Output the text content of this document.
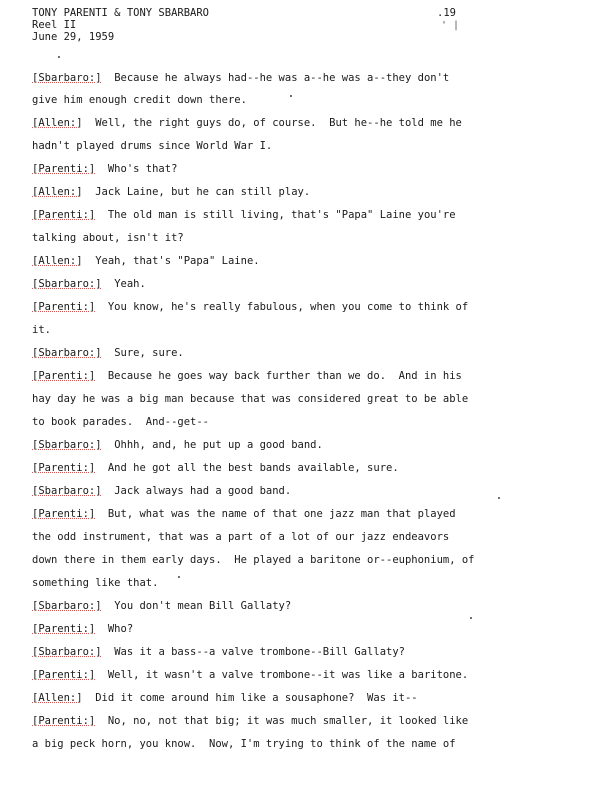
TONY PARENTI & TONY SBARBARO
Reel II
June 29, 1959
.19
' |
[Sbarbaro:]  Because he always had--he was a--he was a--they don't
give him enough credit down there.
[Allen:]  Well, the right guys do, of course.  But he--he told me he
hadn't played drums since World War I.
[Parenti:]  Who's that?
[Allen:]  Jack Laine, but he can still play.
[Parenti:]  The old man is still living, that's "Papa" Laine you're
talking about, isn't it?
[Allen:]  Yeah, that's "Papa" Laine.
[Sbarbaro:]  Yeah.
[Parenti:]  You know, he's really fabulous, when you come to think of
it.
[Sbarbaro:]  Sure, sure.
[Parenti:]  Because he goes way back further than we do.  And in his
hay day he was a big man because that was considered great to be able
to book parades.  And--get--
[Sbarbaro:]  Ohhh, and, he put up a good band.
[Parenti:]  And he got all the best bands available, sure.
[Sbarbaro:]  Jack always had a good band.
[Parenti:]  But, what was the name of that one jazz man that played
the odd instrument, that was a part of a lot of our jazz endeavors
down there in them early days.  He played a baritone or--euphonium, of
something like that.
[Sbarbaro:]  You don't mean Bill Gallaty?
[Parenti:]  Who?
[Sbarbaro:]  Was it a bass--a valve trombone--Bill Gallaty?
[Parenti:]  Well, it wasn't a valve trombone--it was like a baritone.
[Allen:]  Did it come around him like a sousaphone?  Was it--
[Parenti:]  No, no, not that big; it was much smaller, it looked like
a big peck horn, you know.  Now, I'm trying to think of the name of
